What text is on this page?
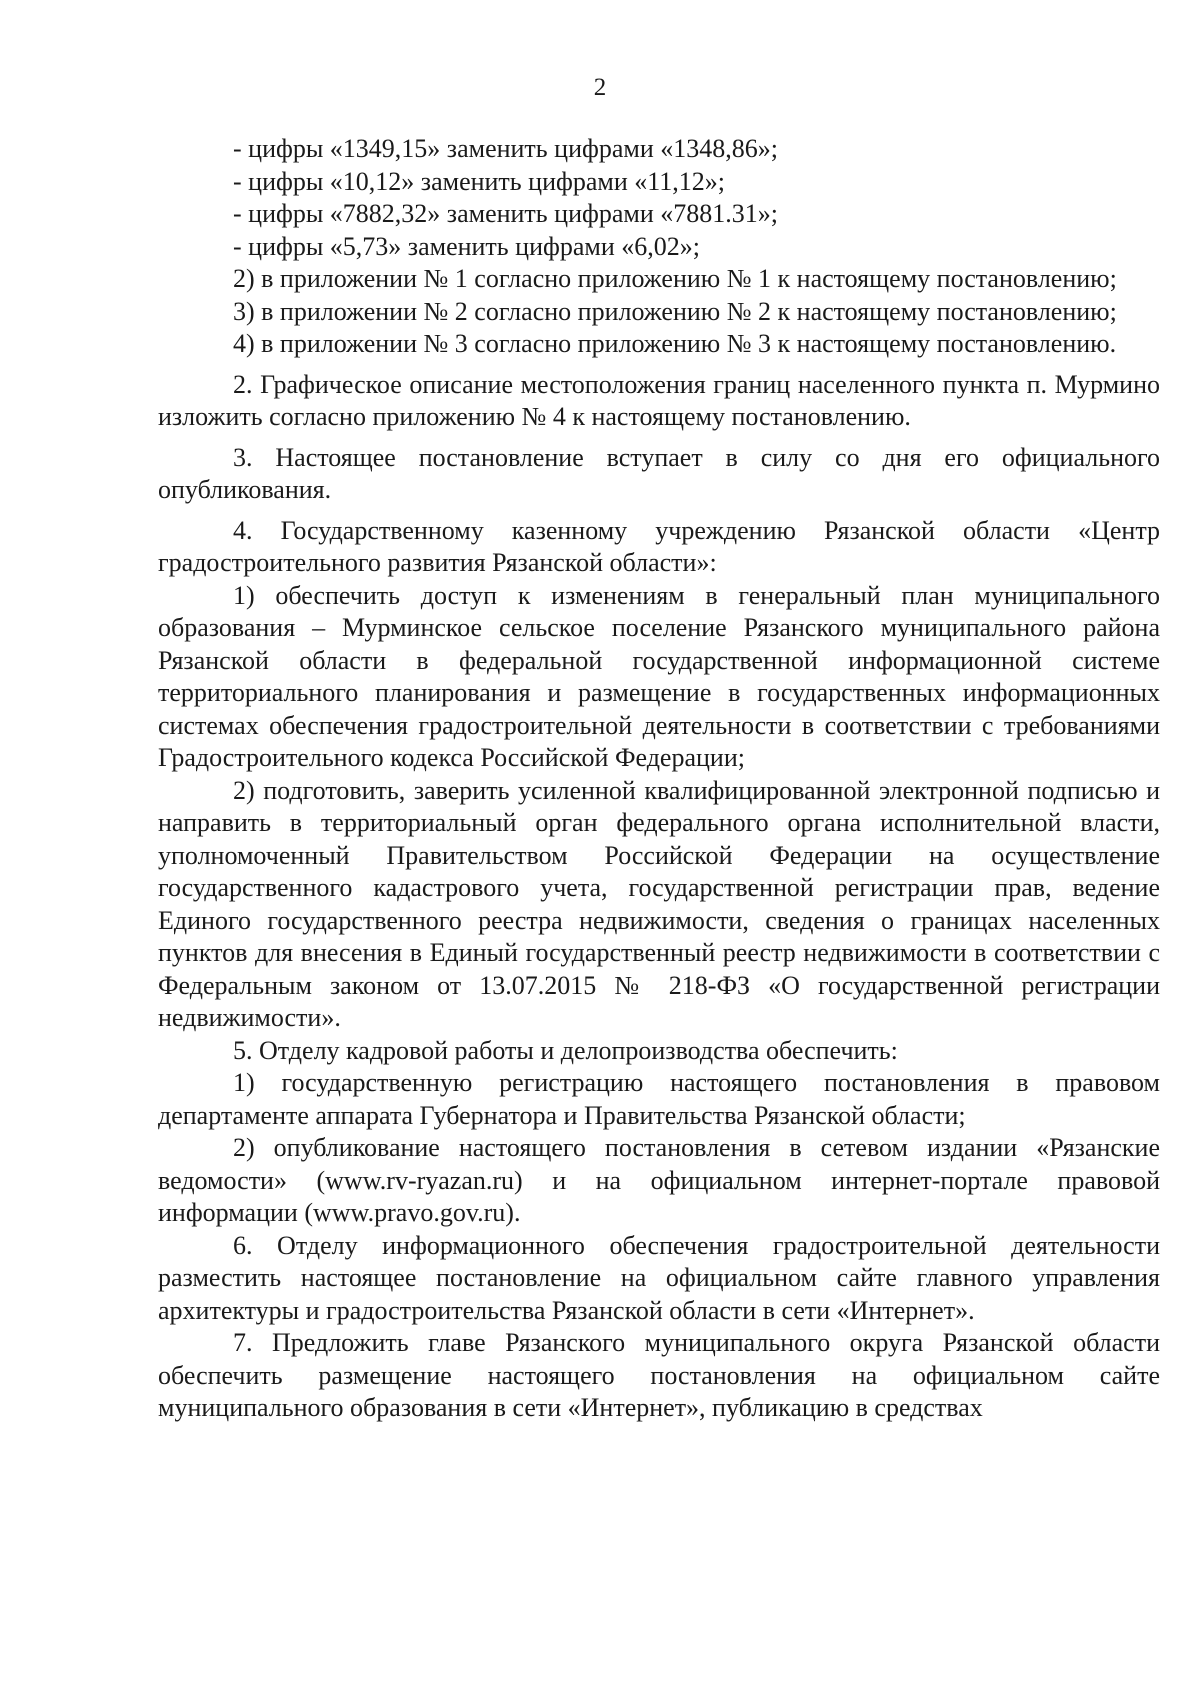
2

- цифры «1349,15» заменить цифрами «1348,86»;

- цифры «10,12» заменить цифрами «11,12»;

- цифры «7882,32» заменить цифрами «7881.31»;

- цифры «5,73» заменить цифрами «6,02»;

2) в приложении № 1 согласно приложению № 1 к настоящему постановлению;

3) в приложении № 2 согласно приложению № 2 к настоящему постановлению;

4) в приложении № 3 согласно приложению № 3 к настоящему постановлению.

2. Графическое описание местоположения границ населенного пункта п. Мурмино изложить согласно приложению № 4 к настоящему постановлению.

3. Настоящее постановление вступает в силу со дня его официального опубликования.

4. Государственному казенному учреждению Рязанской области «Центр градостроительного развития Рязанской области»:

1) обеспечить доступ к изменениям в генеральный план муниципального образования – Мурминское сельское поселение Рязанского муниципального района Рязанской области в федеральной государственной информационной системе территориального планирования и размещение в государственных информационных системах обеспечения градостроительной деятельности в соответствии с требованиями Градостроительного кодекса Российской Федерации;

2) подготовить, заверить усиленной квалифицированной электронной подписью и направить в территориальный орган федерального органа исполнительной власти, уполномоченный Правительством Российской Федерации на осуществление государственного кадастрового учета, государственной регистрации прав, ведение Единого государственного реестра недвижимости, сведения о границах населенных пунктов для внесения в Единый государственный реестр недвижимости в соответствии с Федеральным законом от 13.07.2015 № 218-ФЗ «О государственной регистрации недвижимости».

5. Отделу кадровой работы и делопроизводства обеспечить:

1) государственную регистрацию настоящего постановления в правовом департаменте аппарата Губернатора и Правительства Рязанской области;

2) опубликование настоящего постановления в сетевом издании «Рязанские ведомости» (www.rv-ryazan.ru) и на официальном интернет-портале правовой информации (www.pravo.gov.ru).

6. Отделу информационного обеспечения градостроительной деятельности разместить настоящее постановление на официальном сайте главного управления архитектуры и градостроительства Рязанской области в сети «Интернет».

7. Предложить главе Рязанского муниципального округа Рязанской области обеспечить размещение настоящего постановления на официальном сайте муниципального образования в сети «Интернет», публикацию в средствах
